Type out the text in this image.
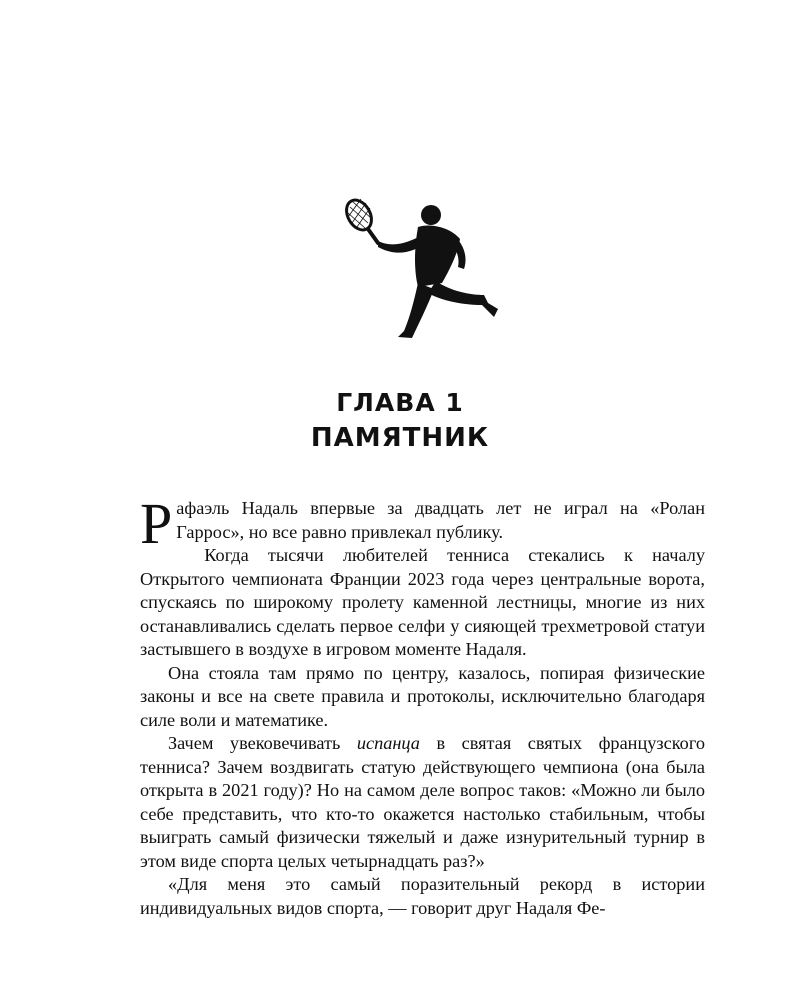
ГЛАВА 1
ПАМЯТНИК

Рафаэль Надаль впервые за двадцать лет не играл на «Ролан Гаррос», но все равно привлекал публику.

Когда тысячи любителей тенниса стекались к началу Открытого чемпионата Франции 2023 года через центральные ворота, спускаясь по широкому пролету каменной лестницы, многие из них останавливались сделать первое селфи у сияющей трехметровой статуи застывшего в воздухе в игровом моменте Надаля.

Она стояла там прямо по центру, казалось, попирая физические законы и все на свете правила и протоколы, исключительно благодаря силе воли и математике.

Зачем увековечивать испанца в святая святых французского тенниса? Зачем воздвигать статую действующего чемпиона (она была открыта в 2021 году)? Но на самом деле вопрос таков: «Можно ли было себе представить, что кто-то окажется настолько стабильным, чтобы выиграть самый физически тяжелый и даже изнурительный турнир в этом виде спорта целых четырнадцать раз?»

«Для меня это самый поразительный рекорд в истории индивидуальных видов спорта, — говорит друг Надаля Фе-
